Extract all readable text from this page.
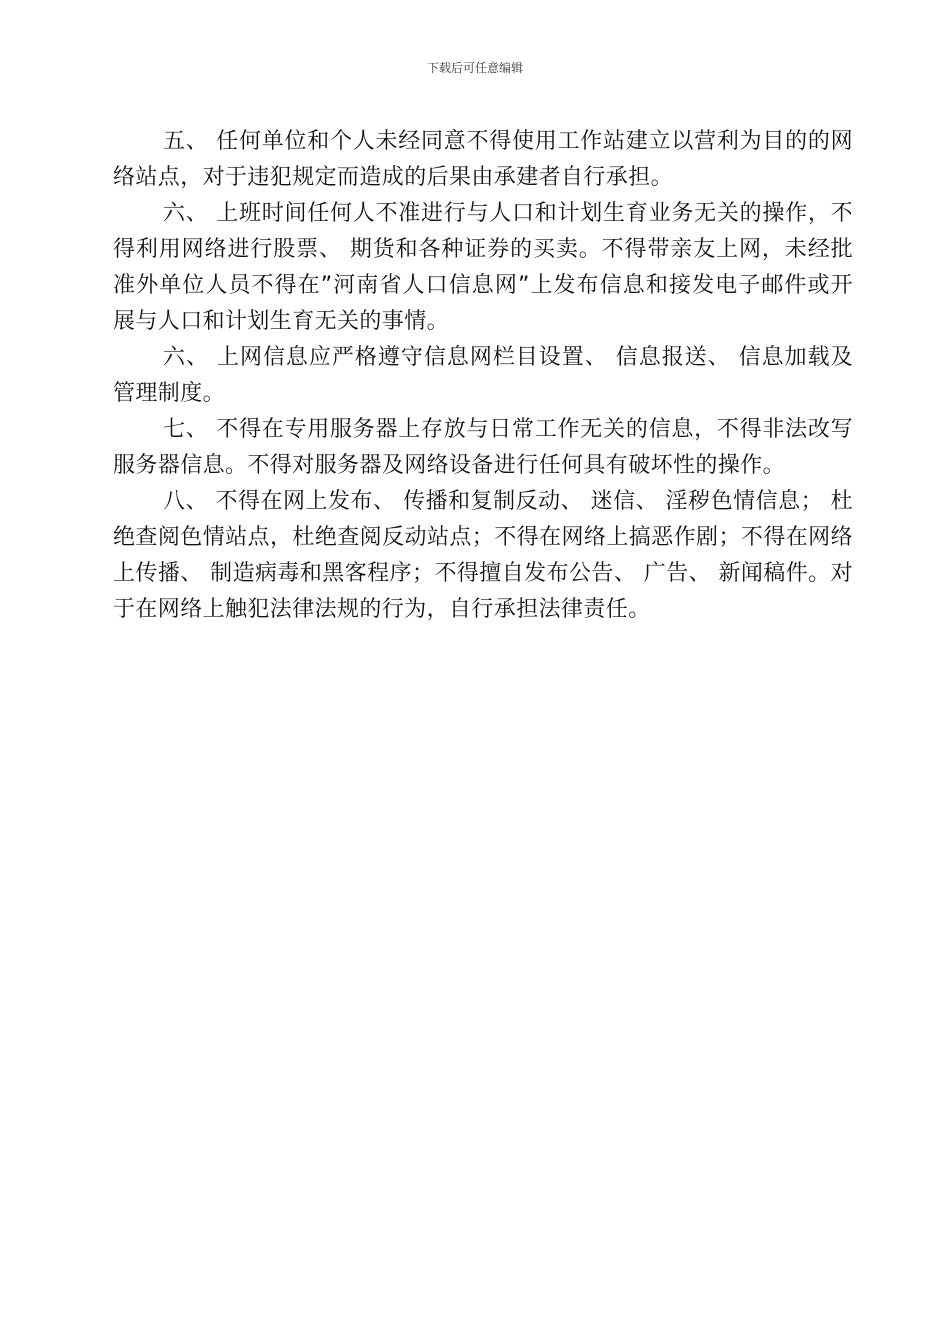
下载后可任意编辑

五、 任何单位和个人未经同意不得使用工作站建立以营利为目的的网络站点，对于违犯规定而造成的后果由承建者自行承担。

六、 上班时间任何人不准进行与人口和计划生育业务无关的操作，不得利用网络进行股票、 期货和各种证券的买卖。不得带亲友上网，未经批准外单位人员不得在”河南省人口信息网”上发布信息和接发电子邮件或开展与人口和计划生育无关的事情。

六、 上网信息应严格遵守信息网栏目设置、 信息报送、 信息加载及管理制度。

七、 不得在专用服务器上存放与日常工作无关的信息，不得非法改写服务器信息。不得对服务器及网络设备进行任何具有破坏性的操作。

八、 不得在网上发布、 传播和复制反动、 迷信、 淫秽色情信息； 杜绝查阅色情站点，杜绝查阅反动站点；不得在网络上搞恶作剧；不得在网络上传播、 制造病毒和黑客程序；不得擅自发布公告、 广告、 新闻稿件。对于在网络上触犯法律法规的行为，自行承担法律责任。
